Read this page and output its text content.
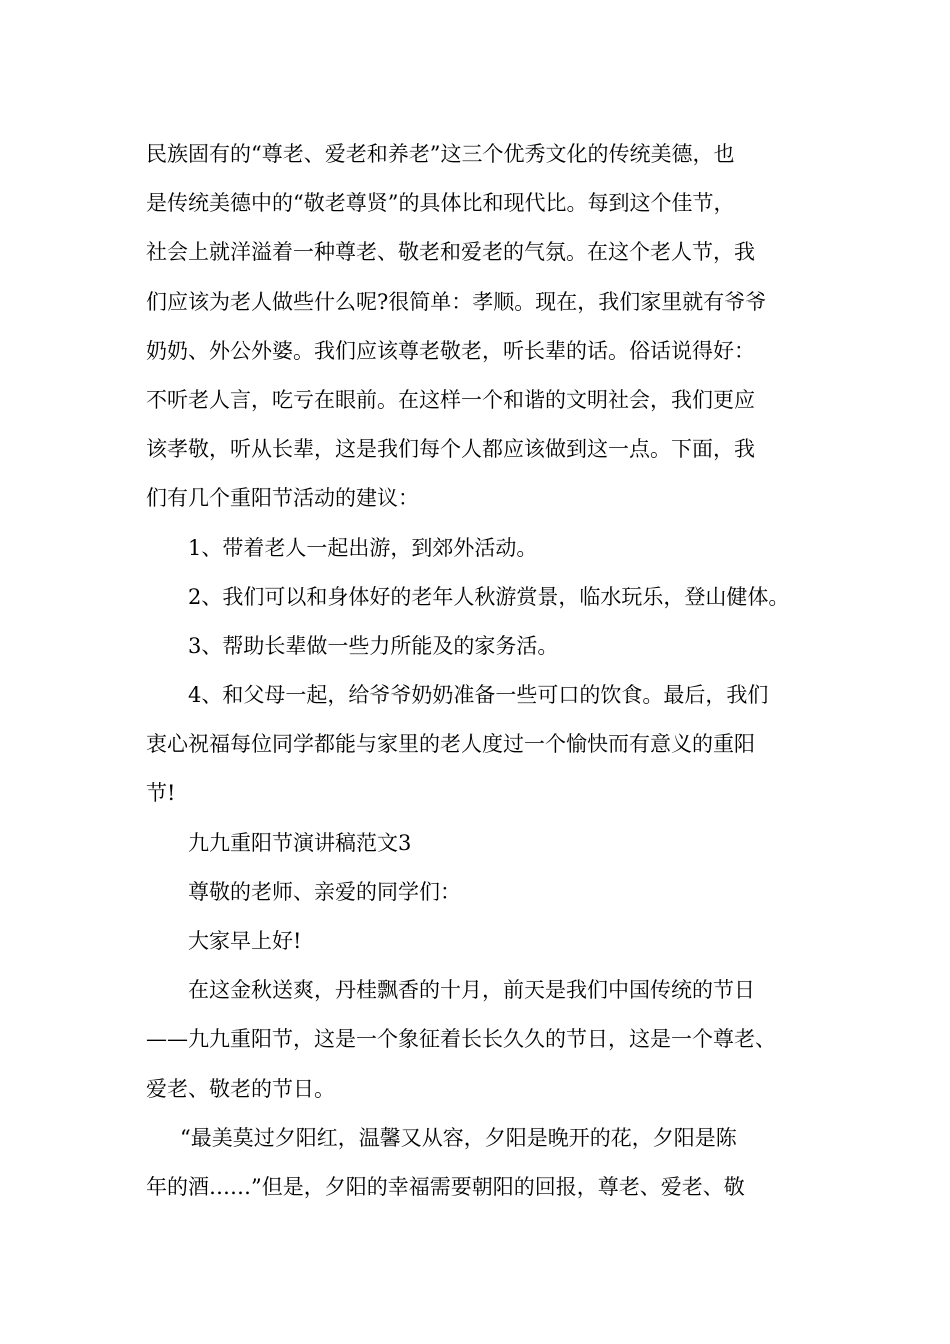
民族固有的“尊老、爱老和养老”这三个优秀文化的传统美德，也
是传统美德中的“敬老尊贤”的具体比和现代比。每到这个佳节，
社会上就洋溢着一种尊老、敬老和爱老的气氛。在这个老人节，我
们应该为老人做些什么呢?很简单：孝顺。现在，我们家里就有爷爷
奶奶、外公外婆。我们应该尊老敬老，听长辈的话。俗话说得好：
不听老人言，吃亏在眼前。在这样一个和谐的文明社会，我们更应
该孝敬，听从长辈，这是我们每个人都应该做到这一点。下面，我
们有几个重阳节活动的建议：
1、带着老人一起出游，到郊外活动。
2、我们可以和身体好的老年人秋游赏景，临水玩乐，登山健体。
3、帮助长辈做一些力所能及的家务活。
4、和父母一起，给爷爷奶奶准备一些可口的饮食。最后，我们
衷心祝福每位同学都能与家里的老人度过一个愉快而有意义的重阳
节!
九九重阳节演讲稿范文3
尊敬的老师、亲爱的同学们：
大家早上好!
在这金秋送爽，丹桂飘香的十月，前天是我们中国传统的节日
——九九重阳节，这是一个象征着长长久久的节日，这是一个尊老、
爱老、敬老的节日。
“最美莫过夕阳红，温馨又从容，夕阳是晚开的花，夕阳是陈
年的酒……”但是，夕阳的幸福需要朝阳的回报，尊老、爱老、敬
